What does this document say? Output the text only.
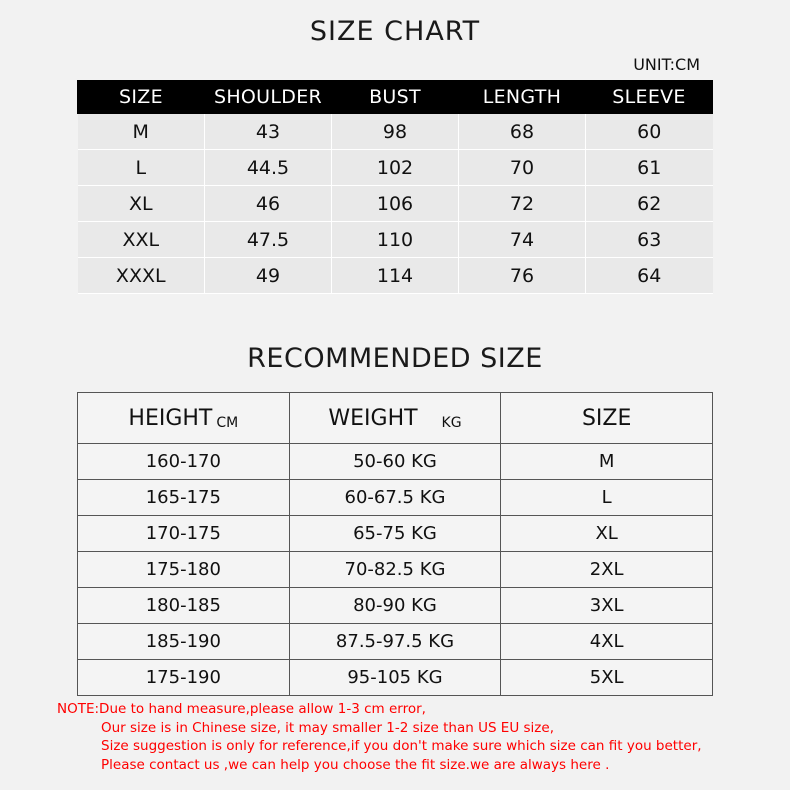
SIZE CHART
UNIT:CM
SIZE	SHOULDER	BUST	LENGTH	SLEEVE
M	43	98	68	60
L	44.5	102	70	61
XL	46	106	72	62
XXL	47.5	110	74	63
XXXL	49	114	76	64
RECOMMENDED SIZE
HEIGHT CM	WEIGHT KG	SIZE

160-170	50-60 KG	M
165-175	60-67.5 KG	L
170-175	65-75 KG	XL
175-180	70-82.5 KG	2XL
180-185	80-90 KG	3XL
185-190	87.5-97.5 KG	4XL
175-190	95-105 KG	5XL
NOTE:Due to hand measure,please allow 1-3 cm error,
Our size is in Chinese size, it may smaller 1-2 size than US EU size,
Size suggestion is only for reference,if you don't make sure which size can fit you better,
Please contact us ,we can help you choose the fit size.we are always here .
